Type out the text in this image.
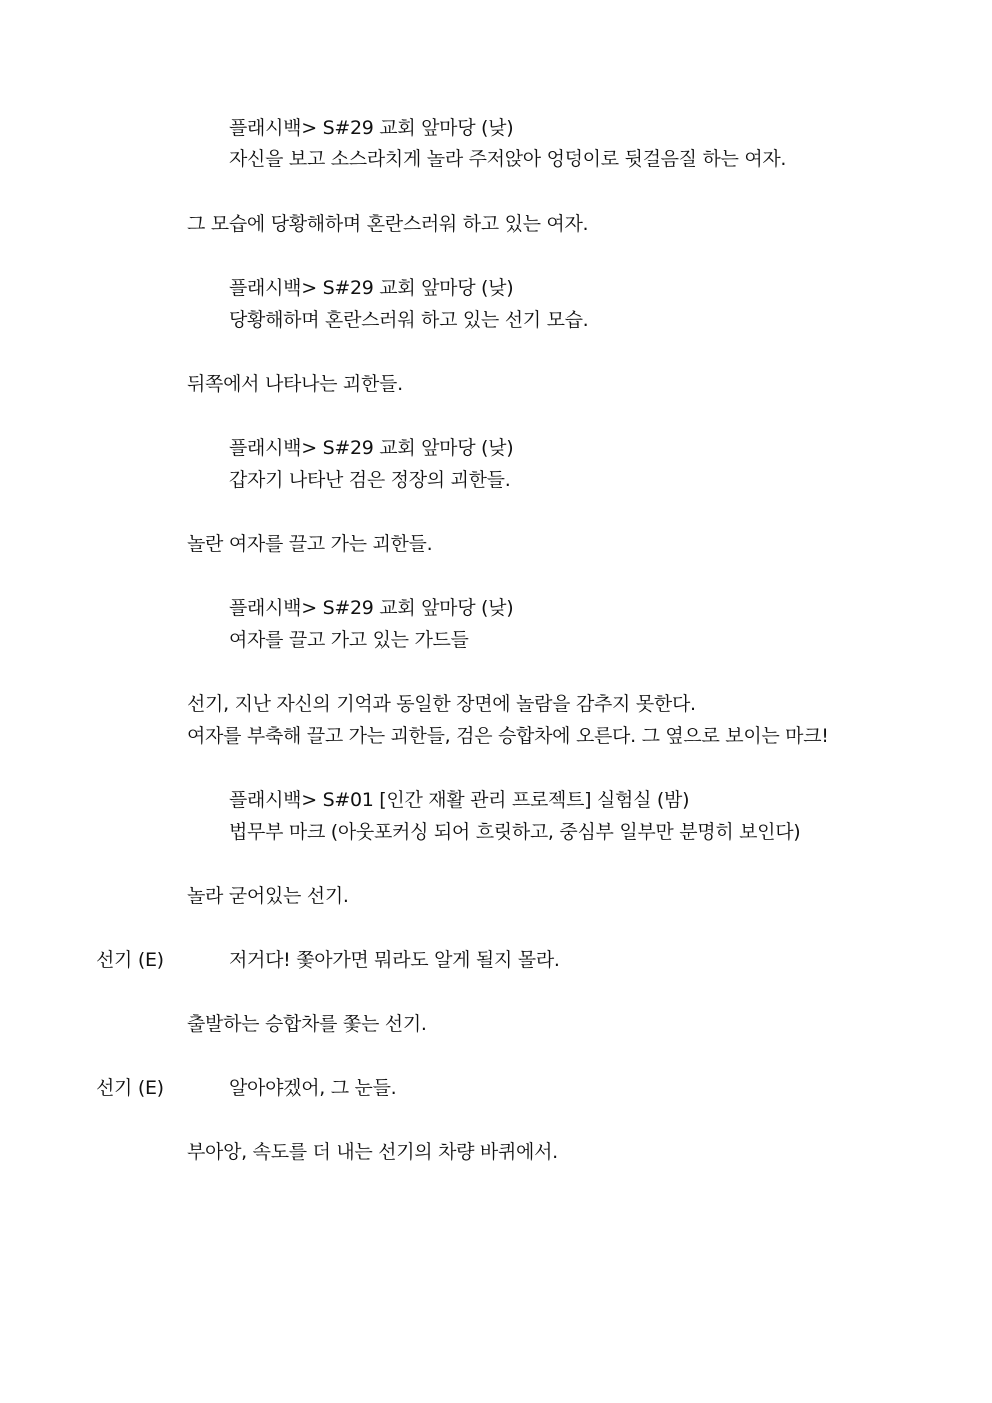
플래시백> S#29 교회 앞마당 (낮)
자신을 보고 소스라치게 놀라 주저앉아 엉덩이로 뒷걸음질 하는 여자.
그 모습에 당황해하며 혼란스러워 하고 있는 여자.
플래시백> S#29 교회 앞마당 (낮)
당황해하며 혼란스러워 하고 있는 선기 모습.
뒤쪽에서 나타나는 괴한들.
플래시백> S#29 교회 앞마당 (낮)
갑자기 나타난 검은 정장의 괴한들.
놀란 여자를 끌고 가는 괴한들.
플래시백> S#29 교회 앞마당 (낮)
여자를 끌고 가고 있는 가드들
선기, 지난 자신의 기억과 동일한 장면에 놀람을 감추지 못한다.
여자를 부축해 끌고 가는 괴한들, 검은 승합차에 오른다. 그 옆으로 보이는 마크!
플래시백> S#01 [인간 재활 관리 프로젝트] 실험실 (밤)
법무부 마크 (아웃포커싱 되어 흐릿하고, 중심부 일부만 분명히 보인다)
놀라 굳어있는 선기.
선기 (E)	저거다! 쫓아가면 뭐라도 알게 될지 몰라.
출발하는 승합차를 쫓는 선기.
선기 (E)	알아야겠어, 그 눈들.
부아앙, 속도를 더 내는 선기의 차량 바퀴에서.
